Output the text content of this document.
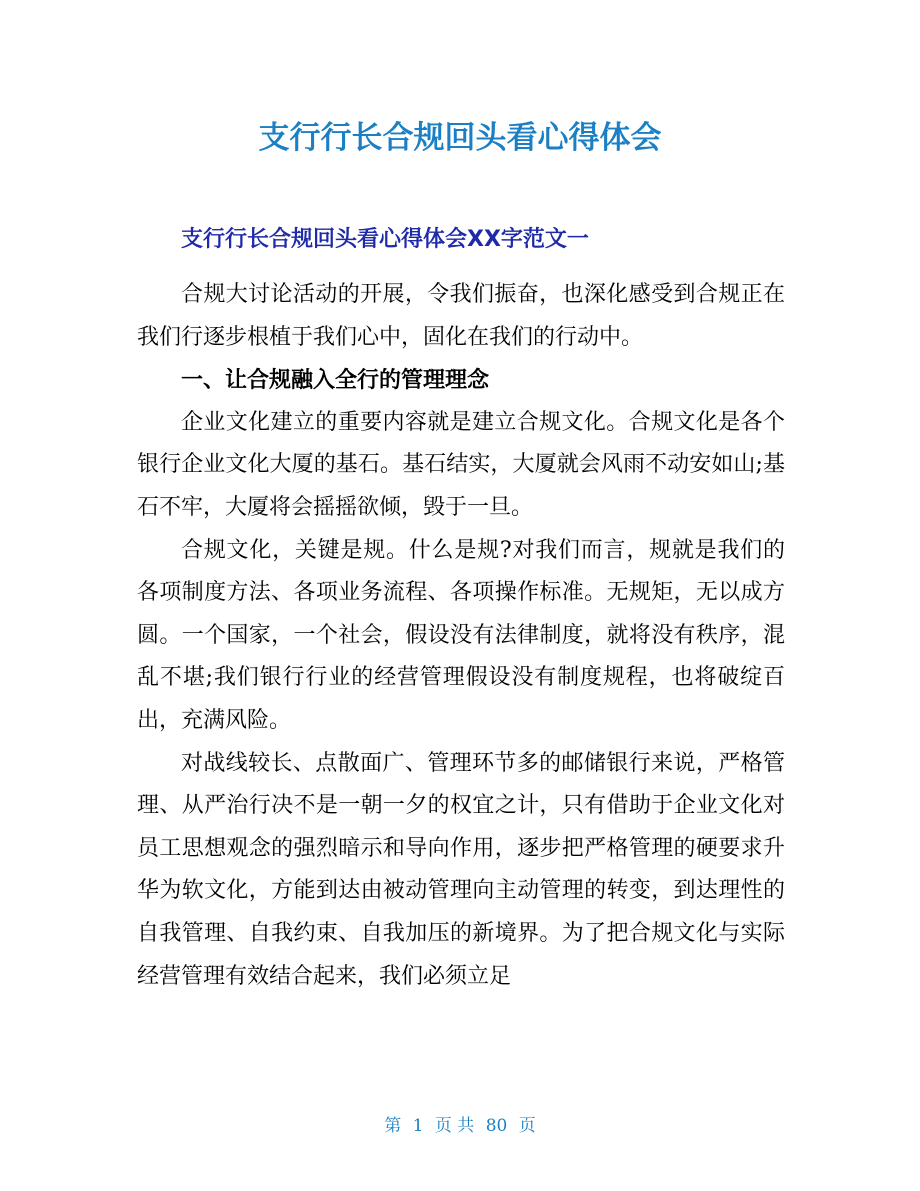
支行行长合规回头看心得体会
支行行长合规回头看心得体会XX字范文一

合规大讨论活动的开展，令我们振奋，也深化感受到合规正在我们行逐步根植于我们心中，固化在我们的行动中。

一、让合规融入全行的管理理念

企业文化建立的重要内容就是建立合规文化。合规文化是各个银行企业文化大厦的基石。基石结实，大厦就会风雨不动安如山;基石不牢，大厦将会摇摇欲倾，毁于一旦。

合规文化，关键是规。什么是规?对我们而言，规就是我们的各项制度方法、各项业务流程、各项操作标准。无规矩，无以成方圆。一个国家，一个社会，假设没有法律制度，就将没有秩序，混乱不堪;我们银行行业的经营管理假设没有制度规程，也将破绽百出，充满风险。

对战线较长、点散面广、管理环节多的邮储银行来说，严格管理、从严治行决不是一朝一夕的权宜之计，只有借助于企业文化对员工思想观念的强烈暗示和导向作用，逐步把严格管理的硬要求升华为软文化，方能到达由被动管理向主动管理的转变，到达理性的自我管理、自我约束、自我加压的新境界。为了把合规文化与实际经营管理有效结合起来，我们必须立足

第 1 页 共 80 页
